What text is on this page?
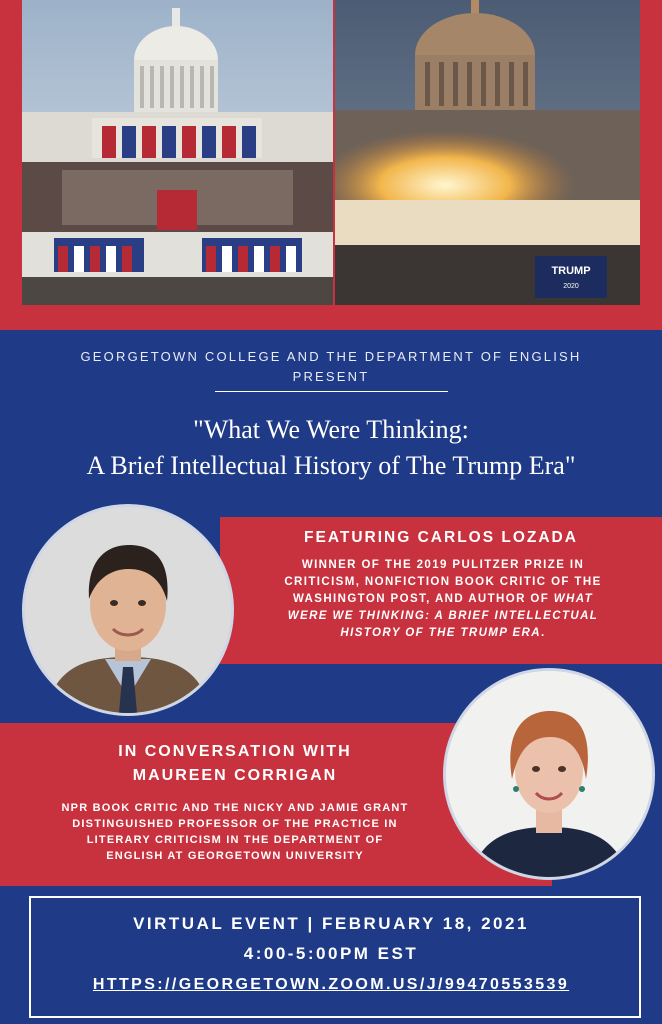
TRUMP
2020
GEORGETOWN COLLEGE AND THE DEPARTMENT OF ENGLISH
PRESENT
"What We Were Thinking:
A Brief Intellectual History of The Trump Era"
FEATURING CARLOS LOZADA
WINNER OF THE 2019 PULITZER PRIZE IN
CRITICISM, NONFICTION BOOK CRITIC OF THE
WASHINGTON POST, AND AUTHOR OF WHAT
WERE WE THINKING: A BRIEF INTELLECTUAL
HISTORY OF THE TRUMP ERA.
IN CONVERSATION WITH
MAUREEN CORRIGAN
NPR BOOK CRITIC AND THE NICKY AND JAMIE GRANT
DISTINGUISHED PROFESSOR OF THE PRACTICE IN
LITERARY CRITICISM IN THE DEPARTMENT OF
ENGLISH AT GEORGETOWN UNIVERSITY
VIRTUAL EVENT | FEBRUARY 18, 2021
4:00-5:00PM EST
HTTPS://GEORGETOWN.ZOOM.US/J/99470553539
